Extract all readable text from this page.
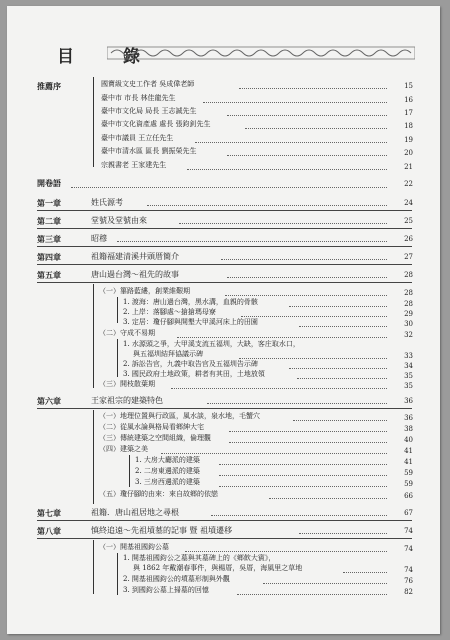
目　錄
推薦序	國寶級文史工作者 吳成偉老師	15
臺中市 市長 林佳龍先生	16
臺中市文化局 局長 王志誠先生	17
臺中市文化資產處 處長 張鈞釗先生	18
臺中市議員 王立任先生	19
臺中市清水區 區長 劉振榮先生	20
宗親書老 王家建先生	21
開卷語	22
第一章	姓氏源考	24
第二章	堂號及堂號由來	25
第三章	昭穆	26
第四章	祖籍福建清溪井頭厝簡介	27
第五章	唐山過台灣～祖先的故事	28
（一）篳路藍縷，創業維艱期	28
1. 渡海：唐山過台灣，黑水溝，血親的骨骸	28
2. 上岸：落腳處～搶搶瑪母寮	29
3. 定居：瓊仔腳與開墾大甲溪河床上的田園	30
（二）守成不易期	32
1. 水源頭之爭，大甲溪支流五福圳，大缺，客庄取水口，
與五福圳結拜協議示碑	33
2. 訴訟告官，九義中取告官及五福圳告示碑	34
3. 國民政府土地政策，耕者有其田，土地放領	35
（三）開枝散葉期	35
第六章	王家祖宗的建築特色	36
（一）地理位置與行政區，風水談，泉水地，毛蟹穴	36
（二）從風水論與格局看鄉紳大宅	38
（三）傳統建築之空間組織，倫理觀	40
（四）建築之美	41
1. 大房大廳派的建築	41
2. 二房東邊派的建築	59
3. 三房西邊派的建築	59
（五）瓊仔腳的由來：來自故鄉的依戀	66
第七章	祖籍．唐山祖居地之尋根	67
第八章	慎終追遠～先祖墳墓的記事 暨 祖墳遷移	74
（一）開基祖國鈞公墓	74
1. 開基祖國鈞公之墓與其墓碑上的《鄉飲大賓》，
與 1862 年戴潮春事件，與楊厝，吳厝，海風里之草地	74
2. 開基祖國鈞公的墳墓形制與外觀	76
3. 到國鈞公墓上掃墓的回憶	82
